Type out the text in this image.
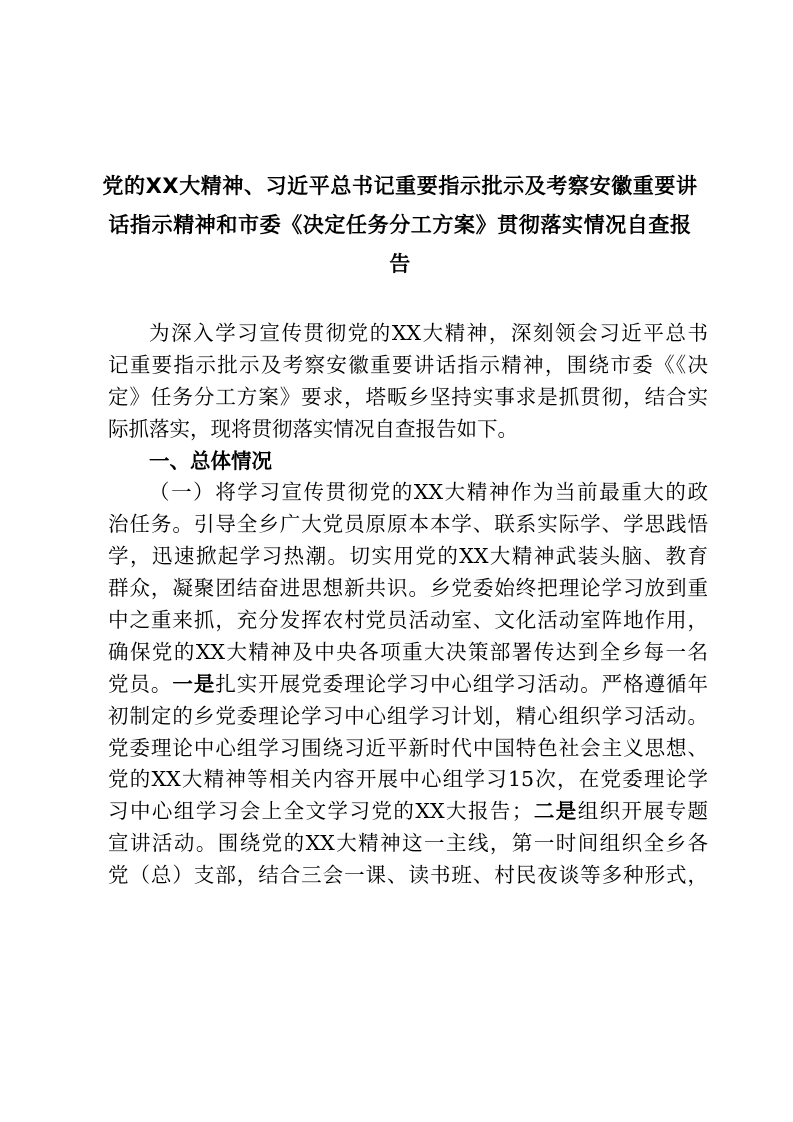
党的XX大精神、习近平总书记重要指示批示及考察安徽重要讲
话指示精神和市委《决定任务分工方案》贯彻落实情况自查报
告
为深入学习宣传贯彻党的XX大精神，深刻领会习近平总书
记重要指示批示及考察安徽重要讲话指示精神，围绕市委《《决
定》任务分工方案》要求，塔畈乡坚持实事求是抓贯彻，结合实
际抓落实，现将贯彻落实情况自查报告如下。
一、总体情况
（一）将学习宣传贯彻党的XX大精神作为当前最重大的政
治任务。引导全乡广大党员原原本本学、联系实际学、学思践悟
学，迅速掀起学习热潮。切实用党的XX大精神武装头脑、教育
群众，凝聚团结奋进思想新共识。乡党委始终把理论学习放到重
中之重来抓，充分发挥农村党员活动室、文化活动室阵地作用，
确保党的XX大精神及中央各项重大决策部署传达到全乡每一名
党员。一是扎实开展党委理论学习中心组学习活动。严格遵循年
初制定的乡党委理论学习中心组学习计划，精心组织学习活动。
党委理论中心组学习围绕习近平新时代中国特色社会主义思想、
党的XX大精神等相关内容开展中心组学习15次，在党委理论学
习中心组学习会上全文学习党的XX大报告；二是组织开展专题
宣讲活动。围绕党的XX大精神这一主线，第一时间组织全乡各
党（总）支部，结合三会一课、读书班、村民夜谈等多种形式，
